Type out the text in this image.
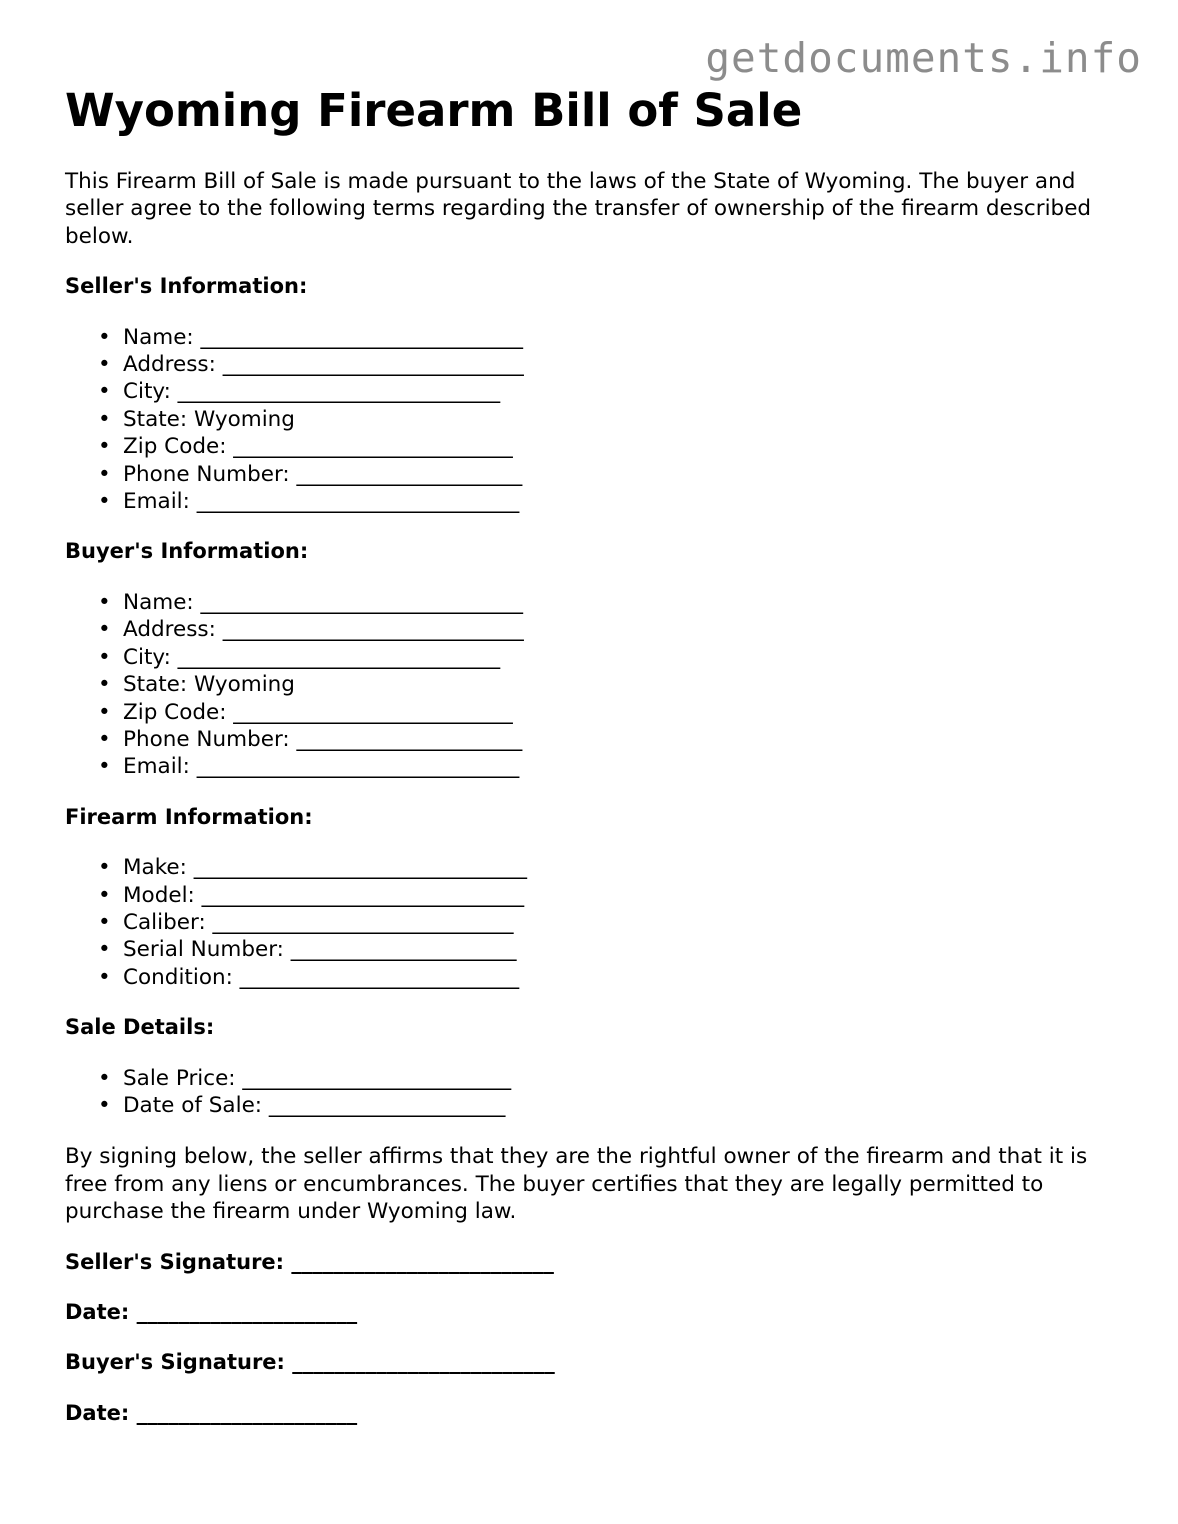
getdocuments.info
Wyoming Firearm Bill of Sale

This Firearm Bill of Sale is made pursuant to the laws of the State of Wyoming. The buyer and seller agree to the following terms regarding the transfer of ownership of the firearm described below.

Seller's Information:
• Name: ______________________________
• Address: ____________________________
• City: ______________________________
• State: Wyoming
• Zip Code: __________________________
• Phone Number: _____________________
• Email: ______________________________
Buyer's Information:
• Name: ______________________________
• Address: ____________________________
• City: ______________________________
• State: Wyoming
• Zip Code: __________________________
• Phone Number: _____________________
• Email: ______________________________
Firearm Information:
• Make: _______________________________
• Model: ______________________________
• Caliber: ____________________________
• Serial Number: _____________________
• Condition: __________________________
Sale Details:
• Sale Price: _________________________
• Date of Sale: ______________________

By signing below, the seller affirms that they are the rightful owner of the firearm and that it is free from any liens or encumbrances. The buyer certifies that they are legally permitted to purchase the firearm under Wyoming law.

Seller's Signature: _________________________
Date: _____________________
Buyer's Signature: _________________________
Date: _____________________
